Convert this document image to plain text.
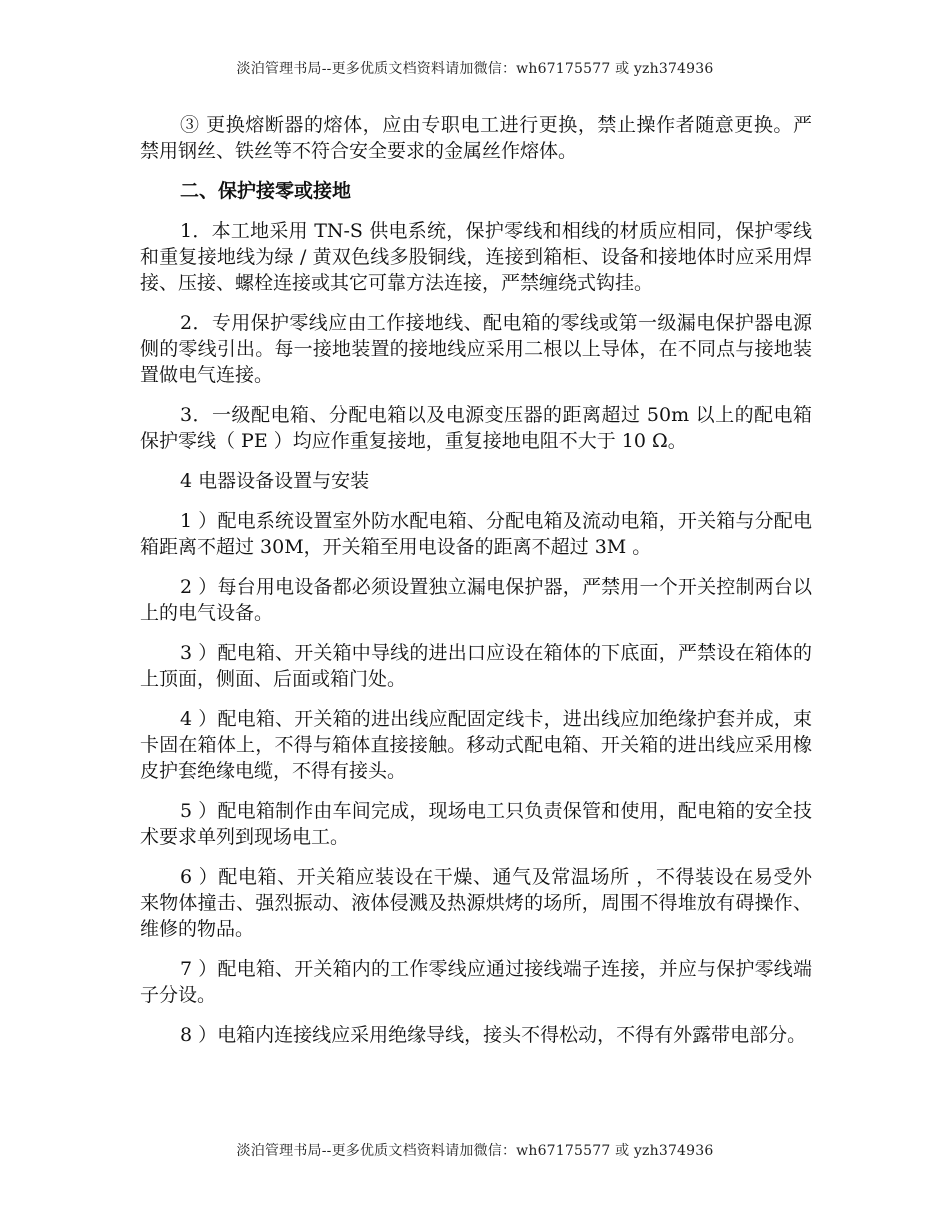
淡泊管理书局--更多优质文档资料请加微信：wh67175577 或 yzh374936

③ 更换熔断器的熔体，应由专职电工进行更换，禁止操作者随意更换。严禁用钢丝、铁丝等不符合安全要求的金属丝作熔体。

二、保护接零或接地

1．本工地采用 TN-S 供电系统，保护零线和相线的材质应相同，保护零线和重复接地线为绿 / 黄双色线多股铜线，连接到箱柜、设备和接地体时应采用焊接、压接、螺栓连接或其它可靠方法连接，严禁缠绕式钩挂。

2．专用保护零线应由工作接地线、配电箱的零线或第一级漏电保护器电源侧的零线引出。每一接地装置的接地线应采用二根以上导体，在不同点与接地装置做电气连接。

3．一级配电箱、分配电箱以及电源变压器的距离超过 50m 以上的配电箱保护零线（ PE ）均应作重复接地，重复接地电阻不大于 10 Ω。

4 电器设备设置与安装

1 ）配电系统设置室外防水配电箱、分配电箱及流动电箱，开关箱与分配电箱距离不超过 30M，开关箱至用电设备的距离不超过 3M 。

2 ）每台用电设备都必须设置独立漏电保护器，严禁用一个开关控制两台以上的电气设备。

3 ）配电箱、开关箱中导线的进出口应设在箱体的下底面，严禁设在箱体的上顶面，侧面、后面或箱门处。

4 ）配电箱、开关箱的进出线应配固定线卡，进出线应加绝缘护套并成，束卡固在箱体上，不得与箱体直接接触。移动式配电箱、开关箱的进出线应采用橡皮护套绝缘电缆，不得有接头。

5 ）配电箱制作由车间完成，现场电工只负责保管和使用，配电箱的安全技术要求单列到现场电工。

6 ）配电箱、开关箱应装设在干燥、通气及常温场所 ，不得装设在易受外来物体撞击、强烈振动、液体侵溅及热源烘烤的场所，周围不得堆放有碍操作、维修的物品。

7 ）配电箱、开关箱内的工作零线应通过接线端子连接，并应与保护零线端子分设。

8 ）电箱内连接线应采用绝缘导线，接头不得松动，不得有外露带电部分。

淡泊管理书局--更多优质文档资料请加微信：wh67175577 或 yzh374936
